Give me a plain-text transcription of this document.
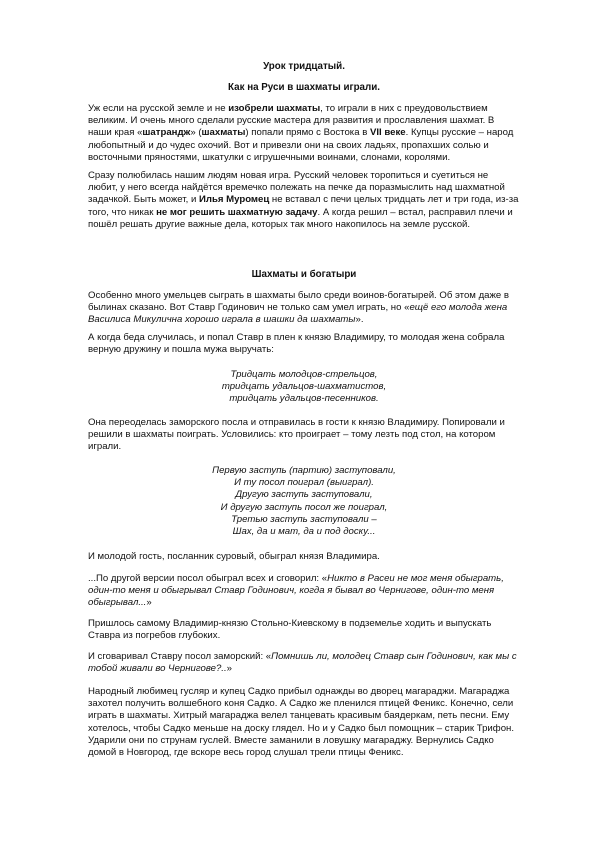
Урок тридцатый.

Как на Руси в шахматы играли.

Уж если на русской земле и не изобрели шахматы, то играли в них с преудовольствием великим. И очень много сделали русские мастера для развития и прославления шахмат. В наши края «шатрандж» (шахматы) попали прямо с Востока в VII веке. Купцы русские – народ любопытный и до чудес охочий. Вот и привезли они на своих ладьях, пропахших солью и восточными пряностями, шкатулки с игрушечными воинами, слонами, королями.

Сразу полюбилась нашим людям новая игра. Русский человек торопиться и суетиться не любит, у него всегда найдётся времечко полежать на печке да поразмыслить над шахматной задачкой. Быть может, и Илья Муромец не вставал с печи целых тридцать лет и три года, из-за того, что никак не мог решить шахматную задачу. А когда решил – встал, расправил плечи и пошёл решать другие важные дела, которых так много накопилось на земле русской.

Шахматы и богатыри

Особенно много умельцев сыграть в шахматы было среди воинов-богатырей. Об этом даже в былинах сказано. Вот Ставр Годинович не только сам умел играть, но «ещё его молода жена Василиса Микулична хорошо играла в шашки да шахматы».

А когда беда случилась, и попал Ставр в плен к князю Владимиру, то молодая жена собрала верную дружину и пошла мужа выручать:

Тридцать молодцов-стрельцов,
тридцать удальцов-шахматистов,
тридцать удальцов-песенников.

Она переоделась заморского посла и отправилась в гости к князю Владимиру. Попировали и решили в шахматы поиграть. Условились: кто проиграет – тому лезть под стол, на котором играли.

Первую заступь (партию) заступовали,
И ту посол поиграл (выиграл).
Другую заступь заступовали,
И другую заступь посол же поиграл,
Третью заступь заступовали –
Шах, да и мат, да и под доску...

И молодой гость, посланник суровый, обыграл князя Владимира.

...По другой версии посол обыграл всех и сговорил: «Никто в Расеи не мог меня обыграть, один-то меня и обыгрывал Ставр Годинович, когда я бывал во Чернигове, один-то меня обыгрывал...»

Пришлось самому Владимир-князю Стольно-Киевскому в подземелье ходить и выпускать Ставра из погребов глубоких.

И сговаривал Ставру посол заморский: «Помнишь ли, молодец Ставр сын Годинович, как мы с тобой живали во Чернигове?..»

Народный любимец гусляр и купец Садко прибыл однажды во дворец магараджи. Магараджа захотел получить волшебного коня Садко. А Садко же пленился птицей Феникс. Конечно, сели играть в шахматы. Хитрый магараджа велел танцевать красивым баядеркам, петь песни. Ему хотелось, чтобы Садко меньше на доску глядел. Но и у Садко был помощник – старик Трифон. Ударили они по струнам гуслей. Вместе заманили в ловушку магараджу. Вернулись Садко домой в Новгород, где вскоре весь город слушал трели птицы Феникс.
